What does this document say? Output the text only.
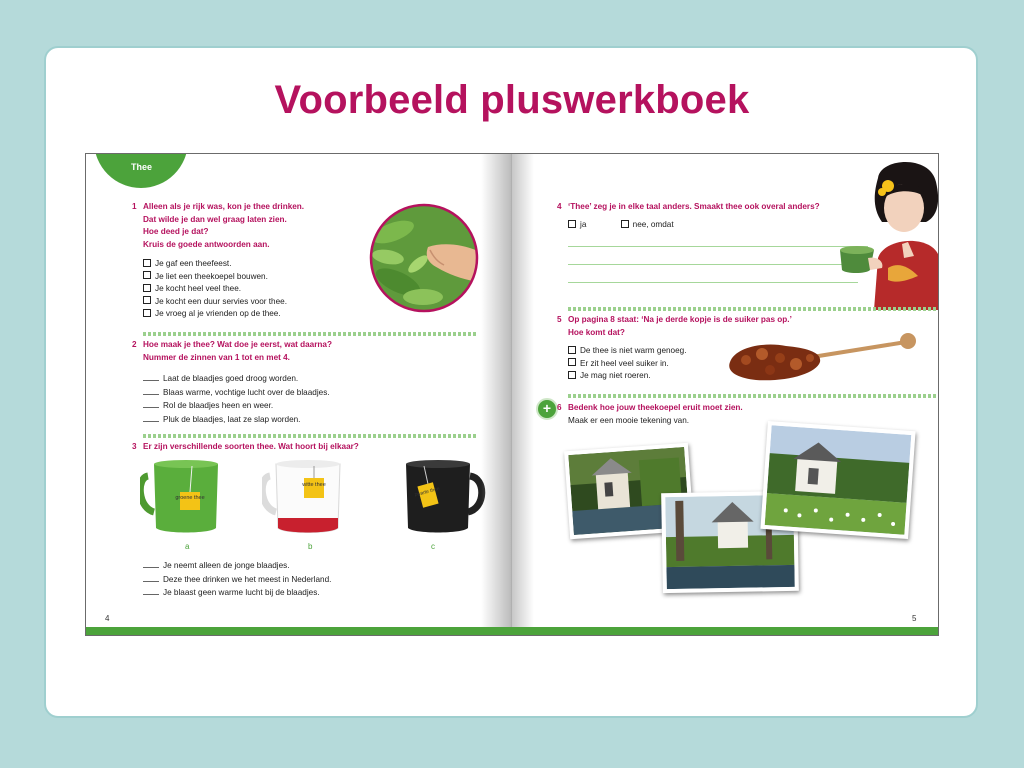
Voorbeeld pluswerkboek
Thee
1 Alleen als je rijk was, kon je thee drinken.
Dat wilde je dan wel graag laten zien.
Hoe deed je dat?
Kruis de goede antwoorden aan.
Je gaf een theefeest.
Je liet een theekoepel bouwen.
Je kocht heel veel thee.
Je kocht een duur servies voor thee.
Je vroeg al je vrienden op de thee.
2 Hoe maak je thee? Wat doe je eerst, wat daarna?
Nummer de zinnen van 1 tot en met 4.
Laat de blaadjes goed droog worden.
Blaas warme, vochtige lucht over de blaadjes.
Rol de blaadjes heen en weer.
Pluk de blaadjes, laat ze slap worden.
3 Er zijn verschillende soorten thee. Wat hoort bij elkaar?
groene thee
witte thee
zwarte thee
a	b	c
Je neemt alleen de jonge blaadjes.
Deze thee drinken we het meest in Nederland.
Je blaast geen warme lucht bij de blaadjes.
4
4 ‘Thee’ zeg je in elke taal anders. Smaakt thee ook overal anders?
ja	nee, omdat
5 Op pagina 8 staat: ‘Na je derde kopje is de suiker pas op.’
Hoe komt dat?
De thee is niet warm genoeg.
Er zit heel veel suiker in.
Je mag niet roeren.
+ 6 Bedenk hoe jouw theekoepel eruit moet zien.
Maak er een mooie tekening van.
5
